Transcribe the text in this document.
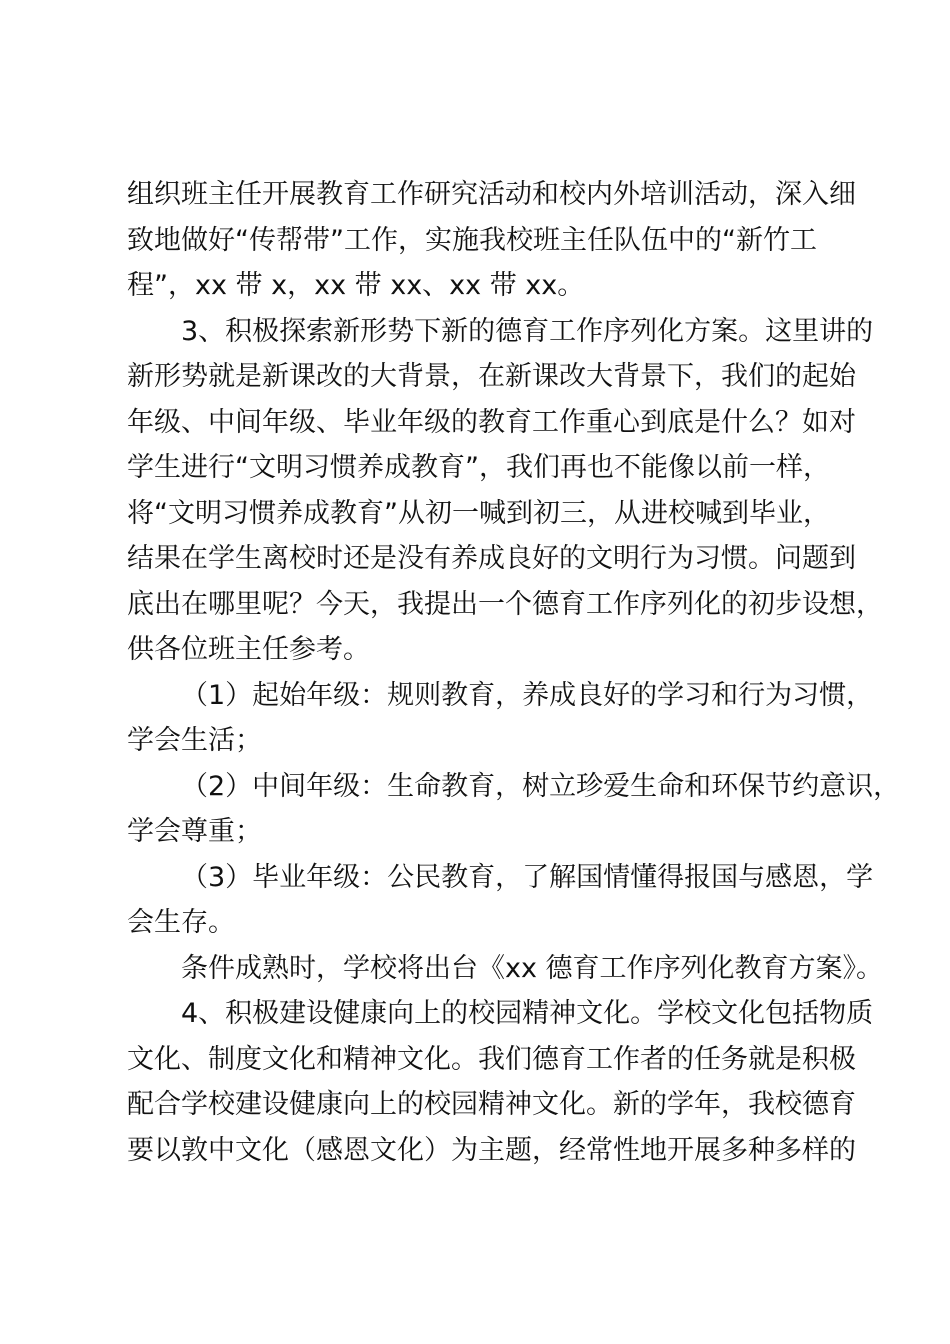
组织班主任开展教育工作研究活动和校内外培训活动，深入细
致地做好“传帮带”工作，实施我校班主任队伍中的“新竹工
程”，xx 带 x，xx 带 xx、xx 带 xx。
3、积极探索新形势下新的德育工作序列化方案。这里讲的
新形势就是新课改的大背景，在新课改大背景下，我们的起始
年级、中间年级、毕业年级的教育工作重心到底是什么？如对
学生进行“文明习惯养成教育”，我们再也不能像以前一样，
将“文明习惯养成教育”从初一喊到初三，从进校喊到毕业，
结果在学生离校时还是没有养成良好的文明行为习惯。问题到
底出在哪里呢？今天，我提出一个德育工作序列化的初步设想，
供各位班主任参考。
（1）起始年级：规则教育，养成良好的学习和行为习惯，
学会生活；
（2）中间年级：生命教育，树立珍爱生命和环保节约意识，
学会尊重；
（3）毕业年级：公民教育，了解国情懂得报国与感恩，学
会生存。
条件成熟时，学校将出台《xx 德育工作序列化教育方案》。
4、积极建设健康向上的校园精神文化。学校文化包括物质
文化、制度文化和精神文化。我们德育工作者的任务就是积极
配合学校建设健康向上的校园精神文化。新的学年，我校德育
要以敦中文化（感恩文化）为主题，经常性地开展多种多样的
